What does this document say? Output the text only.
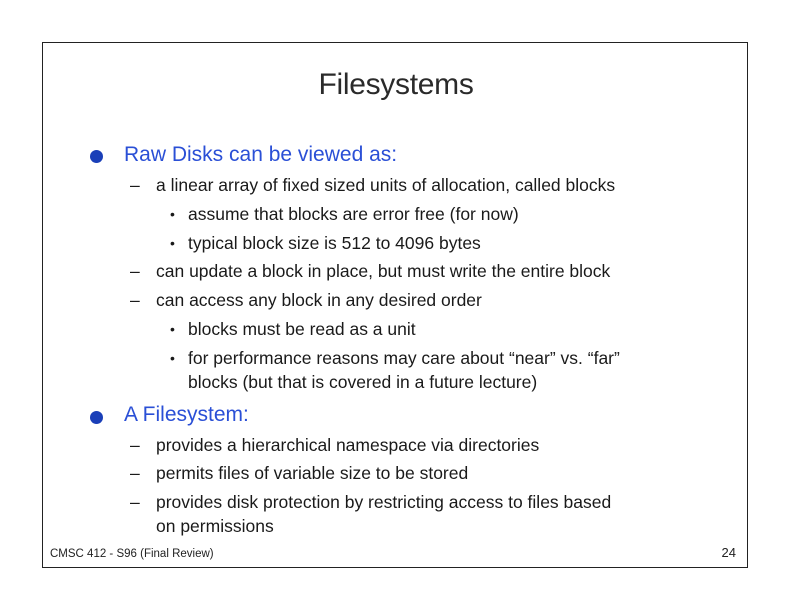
Filesystems
Raw Disks can be viewed as:
– a linear array of fixed sized units of allocation, called blocks
• assume that blocks are error free (for now)
• typical block size is 512 to 4096 bytes
– can update a block in place, but must write the entire block
– can access any block in any desired order
• blocks must be read as a unit
• for performance reasons may care about “near” vs. “far”
blocks (but that is covered in a future lecture)
A Filesystem:
– provides a hierarchical namespace via directories
– permits files of variable size to be stored
– provides disk protection by restricting access to files based
on permissions
CMSC 412 - S96 (Final Review)	24
